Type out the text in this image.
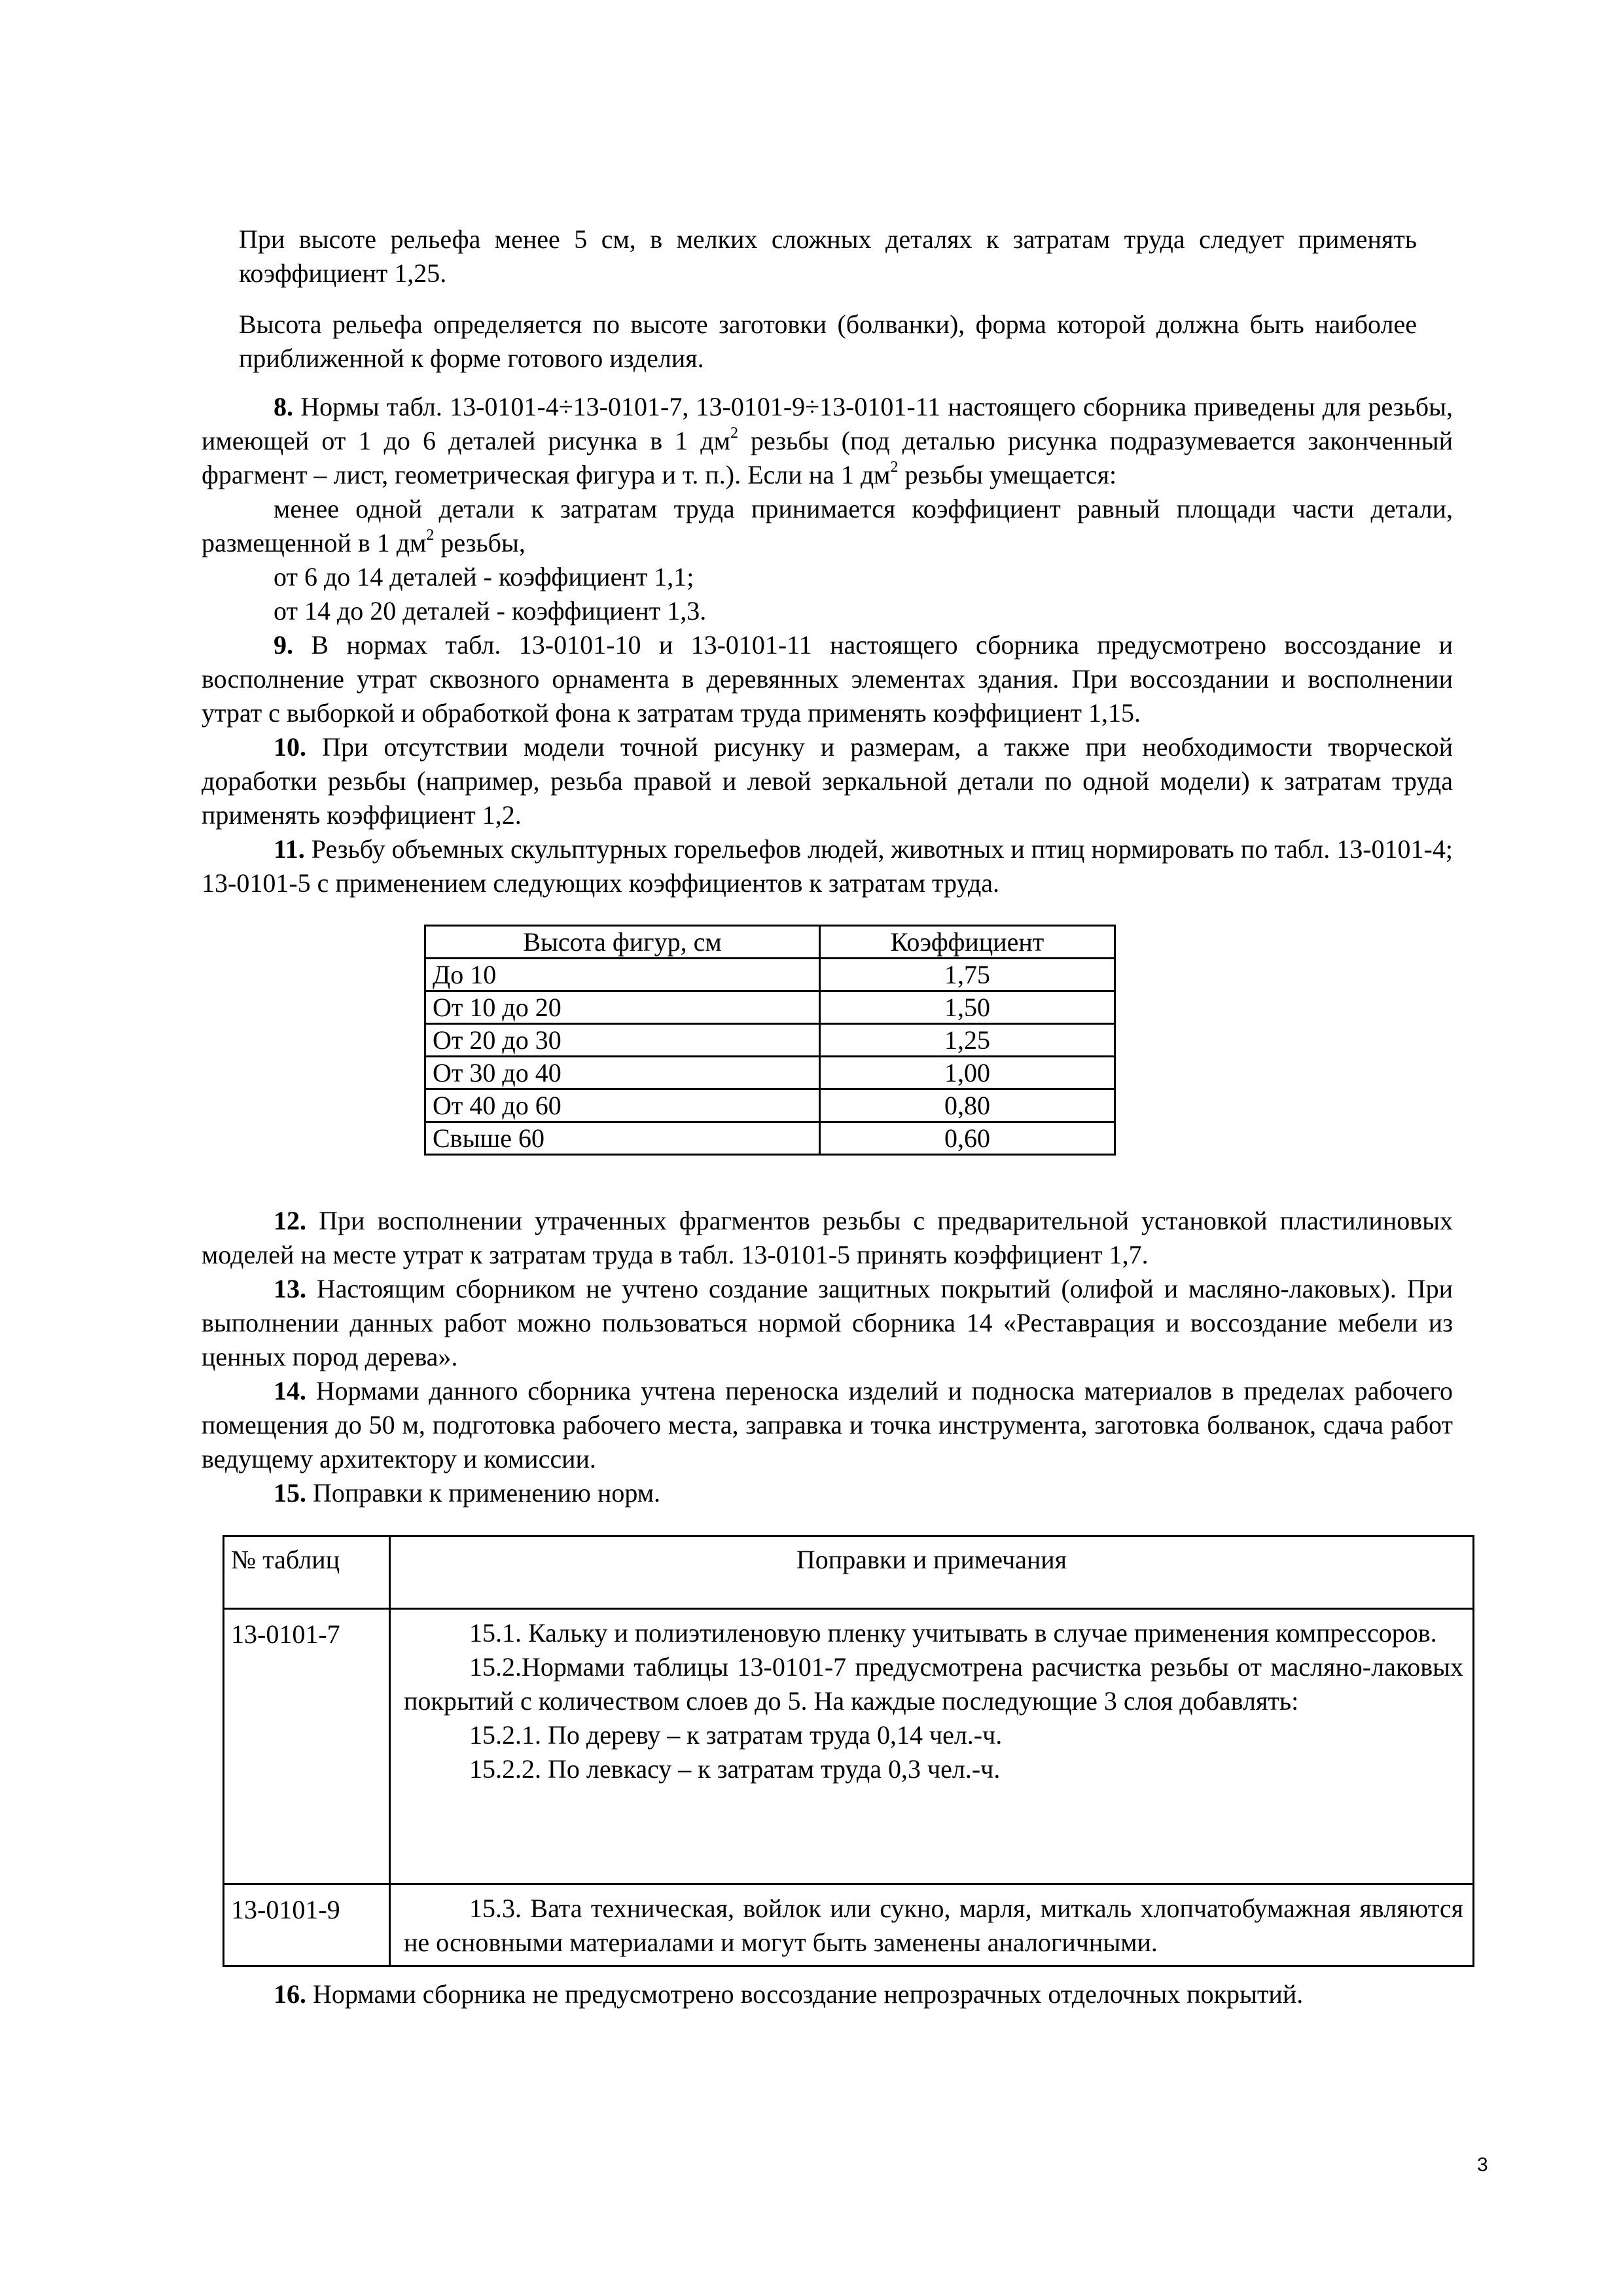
При высоте рельефа менее 5 см, в мелких сложных деталях к затратам труда следует применять коэффициент 1,25.

Высота рельефа определяется по высоте заготовки (болванки), форма которой должна быть наиболее приближенной к форме готового изделия.

8. Нормы табл. 13-0101-4÷13-0101-7, 13-0101-9÷13-0101-11 настоящего сборника приведены для резьбы, имеющей от 1 до 6 деталей рисунка в 1 $дм^2$ резьбы (под деталью рисунка подразумевается законченный фрагмент – лист, геометрическая фигура и т. п.). Если на 1 $дм^2$ резьбы умещается:

менее одной детали к затратам труда принимается коэффициент равный площади части детали, размещенной в 1 $дм^2$ резьбы,

от 6 до 14 деталей - коэффициент 1,1;

от 14 до 20 деталей - коэффициент 1,3.

9. В нормах табл. 13-0101-10 и 13-0101-11 настоящего сборника предусмотрено воссоздание и восполнение утрат сквозного орнамента в деревянных элементах здания. При воссоздании и восполнении утрат с выборкой и обработкой фона к затратам труда применять коэффициент 1,15.

10. При отсутствии модели точной рисунку и размерам, а также при необходимости творческой доработки резьбы (например, резьба правой и левой зеркальной детали по одной модели) к затратам труда применять коэффициент 1,2.

11. Резьбу объемных скульптурных горельефов людей, животных и птиц нормировать по табл. 13-0101-4; 13-0101-5 с применением следующих коэффициентов к затратам труда.

Высота фигур, см	Коэффициент
До 10	1,75
От 10 до 20	1,50
От 20 до 30	1,25
От 30 до 40	1,00
От 40 до 60	0,80
Свыше 60	0,60

12. При восполнении утраченных фрагментов резьбы с предварительной установкой пластилиновых моделей на месте утрат к затратам труда в табл. 13-0101-5 принять коэффициент 1,7.

13. Настоящим сборником не учтено создание защитных покрытий (олифой и масляно-лаковых). При выполнении данных работ можно пользоваться нормой сборника 14 «Реставрация и воссоздание мебели из ценных пород дерева».

14. Нормами данного сборника учтена переноска изделий и подноска материалов в пределах рабочего помещения до 50 м, подготовка рабочего места, заправка и точка инструмента, заготовка болванок, сдача работ ведущему архитектору и комиссии.

15. Поправки к применению норм.

№ таблиц	Поправки и примечания
13-0101-7	15.1. Кальку и полиэтиленовую пленку учитывать в случае применения компрессоров.

15.2.Нормами таблицы 13-0101-7 предусмотрена расчистка резьбы от масляно-лаковых покрытий с количеством слоев до 5. На каждые последующие 3 слоя добавлять:

15.2.1. По дереву – к затратам труда 0,14 чел.-ч.

15.2.2. По левкасу – к затратам труда 0,3 чел.-ч.

13-0101-9	15.3. Вата техническая, войлок или сукно, марля, миткаль хлопчатобумажная являются не основными материалами и могут быть заменены аналогичными.

16. Нормами сборника не предусмотрено воссоздание непрозрачных отделочных покрытий.

3
